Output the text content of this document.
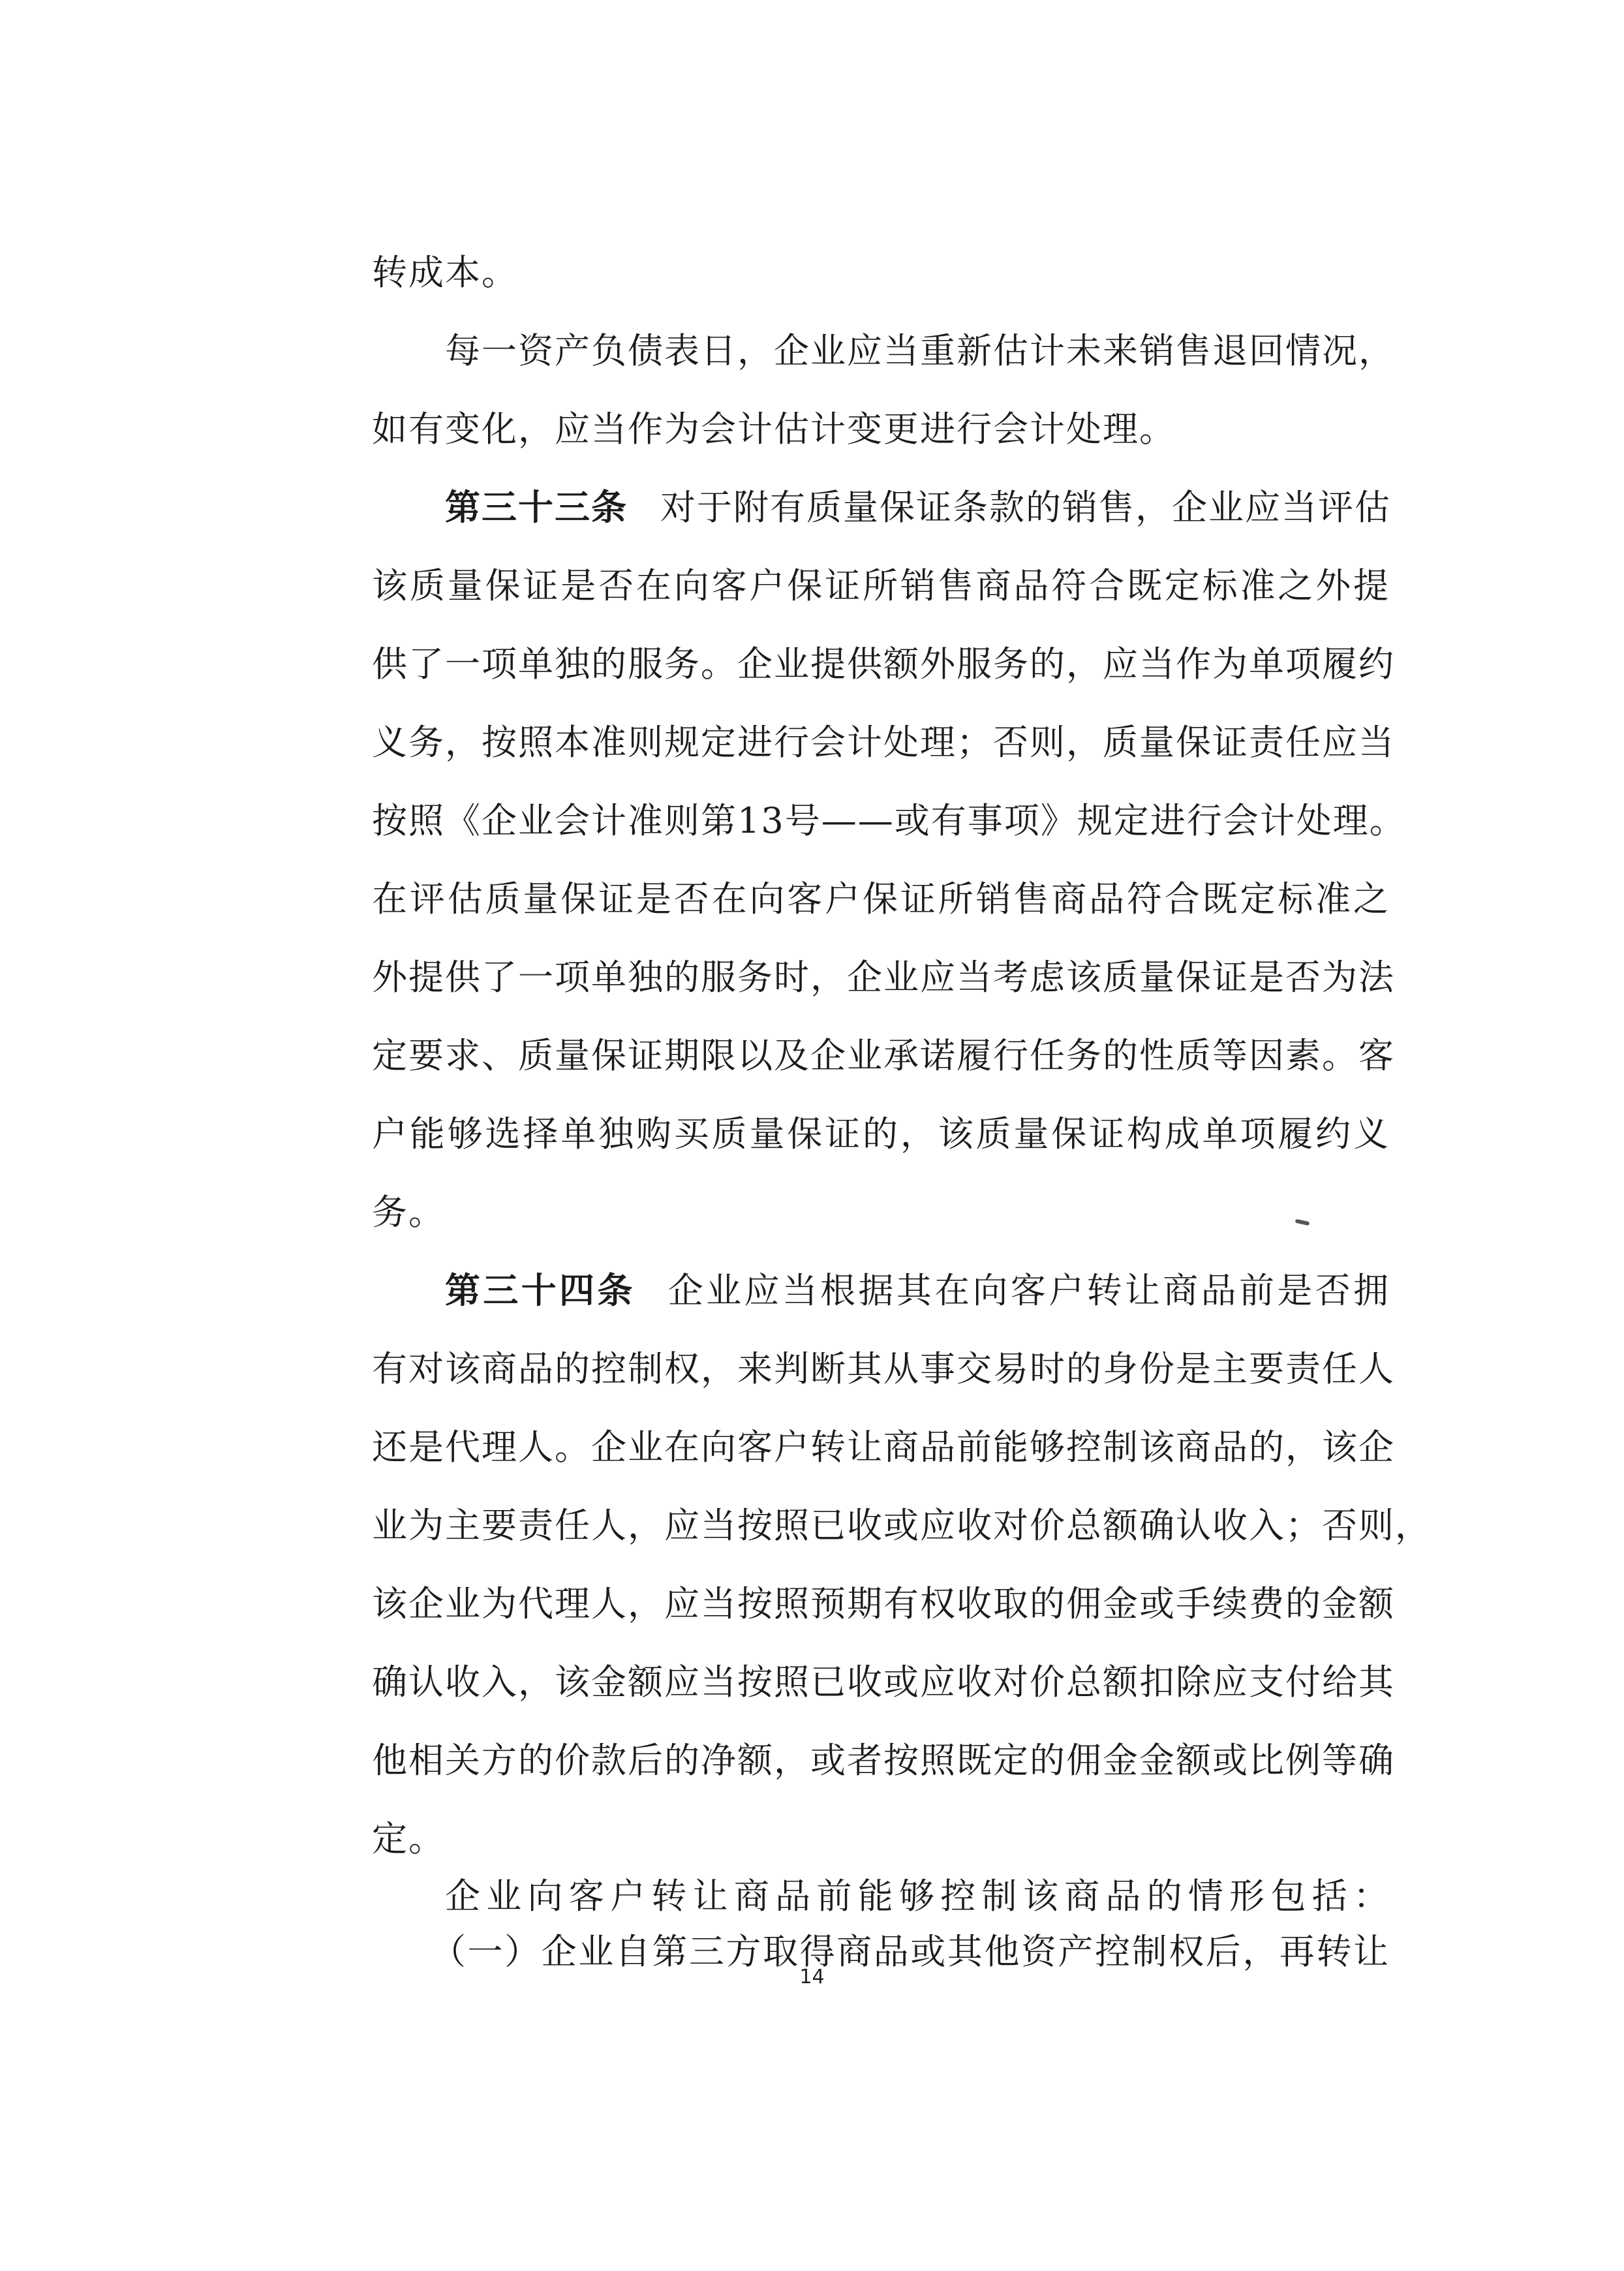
转成本。
每一资产负债表日，企业应当重新估计未来销售退回情况，
如有变化，应当作为会计估计变更进行会计处理。
第三十三条 对于附有质量保证条款的销售，企业应当评估
该质量保证是否在向客户保证所销售商品符合既定标准之外提
供了一项单独的服务。企业提供额外服务的，应当作为单项履约
义务，按照本准则规定进行会计处理；否则，质量保证责任应当
按照《企业会计准则第13号——或有事项》规定进行会计处理。
在评估质量保证是否在向客户保证所销售商品符合既定标准之
外提供了一项单独的服务时，企业应当考虑该质量保证是否为法
定要求、质量保证期限以及企业承诺履行任务的性质等因素。客
户能够选择单独购买质量保证的，该质量保证构成单项履约义
务。
第三十四条 企业应当根据其在向客户转让商品前是否拥
有对该商品的控制权，来判断其从事交易时的身份是主要责任人
还是代理人。企业在向客户转让商品前能够控制该商品的，该企
业为主要责任人，应当按照已收或应收对价总额确认收入；否则，
该企业为代理人，应当按照预期有权收取的佣金或手续费的金额
确认收入，该金额应当按照已收或应收对价总额扣除应支付给其
他相关方的价款后的净额，或者按照既定的佣金金额或比例等确
定。
企业向客户转让商品前能够控制该商品的情形包括：
（一）企业自第三方取得商品或其他资产控制权后，再转让
14
